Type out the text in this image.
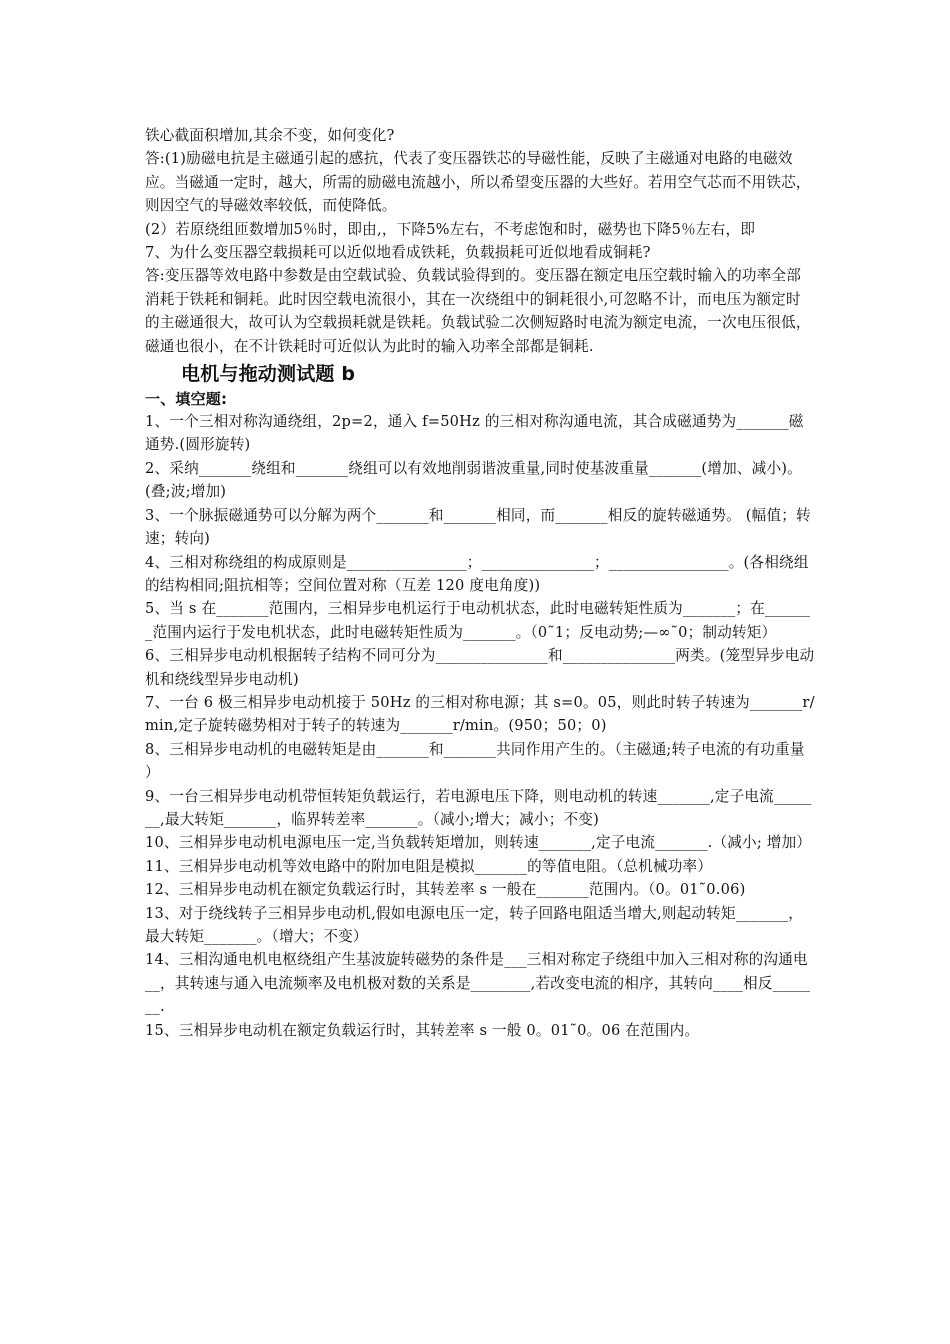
铁心截面积增加,其余不变，如何变化?

答:(1)励磁电抗是主磁通引起的感抗，代表了变压器铁芯的导磁性能，反映了主磁通对电路的电磁效应。当磁通一定时，越大，所需的励磁电流越小，所以希望变压器的大些好。若用空气芯而不用铁芯，则因空气的导磁效率较低，而使降低。

(2）若原绕组匝数增加5％时，即由,，下降5%左右，不考虑饱和时，磁势也下降5％左右，即

7、为什么变压器空载损耗可以近似地看成铁耗，负载损耗可近似地看成铜耗?

答:变压器等效电路中参数是由空载试验、负载试验得到的。变压器在额定电压空载时输入的功率全部消耗于铁耗和铜耗。此时因空载电流很小，其在一次绕组中的铜耗很小,可忽略不计，而电压为额定时的主磁通很大，故可认为空载损耗就是铁耗。负载试验二次侧短路时电流为额定电流，一次电压很低，磁通也很小，在不计铁耗时可近似认为此时的输入功率全部都是铜耗.

电机与拖动测试题 b
一、填空题:

1、一个三相对称沟通绕组，2p=2，通入 f=50Hz 的三相对称沟通电流，其合成磁通势为_______磁通势.(圆形旋转)

2、采纳_______绕组和_______绕组可以有效地削弱谐波重量,同时使基波重量_______(增加、减小)。 (叠;波;增加)

3、一个脉振磁通势可以分解为两个_______和_______相同，而_______相反的旋转磁通势。 (幅值；转速；转向)

4、三相对称绕组的构成原则是________________；_______________；________________。(各相绕组的结构相同;阻抗相等；空间位置对称（互差 120 度电角度))

5、当 s 在_______范围内，三相异步电机运行于电动机状态，此时电磁转矩性质为_______；在_______范围内运行于发电机状态，此时电磁转矩性质为_______。（0˜1；反电动势;—∞˜0；制动转矩）

6、三相异步电动机根据转子结构不同可分为_______________和_______________两类。(笼型异步电动机和绕线型异步电动机)

7、一台 6 极三相异步电动机接于 50Hz 的三相对称电源；其 s=0。05，则此时转子转速为_______r/min,定子旋转磁势相对于转子的转速为_______r/min。(950；50；0)

8、三相异步电动机的电磁转矩是由_______和_______共同作用产生的。（主磁通;转子电流的有功重量 ）

9、一台三相异步电动机带恒转矩负载运行，若电源电压下降，则电动机的转速_______,定子电流_______,最大转矩_______，临界转差率_______。（减小;增大；减小；不变)

10、三相异步电动机电源电压一定,当负载转矩增加，则转速_______,定子电流_______.（减小; 增加）

11、三相异步电动机等效电路中的附加电阻是模拟_______的等值电阻。（总机械功率）

12、三相异步电动机在额定负载运行时，其转差率 s 一般在_______范围内。（0。01˜0.06)

13、对于绕线转子三相异步电动机,假如电源电压一定，转子回路电阻适当增大,则起动转矩_______，最大转矩_______。（增大；不变）

14、三相沟通电机电枢绕组产生基波旋转磁势的条件是___三相对称定子绕组中加入三相对称的沟通电__，其转速与通入电流频率及电机极对数的关系是________,若改变电流的相序，其转向____相反_______.

15、三相异步电动机在额定负载运行时，其转差率 s 一般 0。01˜0。06 在范围内。
